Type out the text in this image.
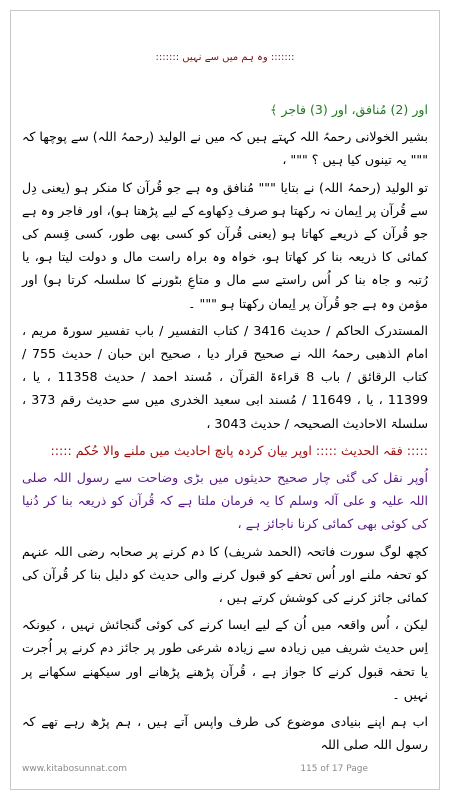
::::::: وہ ہم میں سے نہیں :::::::

اور (2) مُنافق، اور (3) فاجر ﴾

بشیر الخولانی رحمہُ اللہ کہتے ہیں کہ میں نے الولید (رحمہُ اللہ) سے پوچھا کہ """ یہ تینوں کیا ہیں ؟ """ ،

تو الولید (رحمہُ اللہ) نے بتایا """ مُنافق وہ ہے جو قُرآن کا منکر ہو (یعنی دِل سے قُرآن پر اِیمان نہ رکھتا ہو صرف دِکھاوے کے لیے پڑھتا ہو)، اور فاجر وہ ہے جو قُرآن کے ذریعے کھاتا ہو (یعنی قُرآن کو کسی بھی طور، کسی قِسم کی کمائی کا ذریعہ بنا کر کھاتا ہو، خواہ وہ براہ راست مال و دولت لیتا ہو، یا رُتبہ و جاہ بنا کر اُس راستے سے مال و متاعِ بٹورنے کا سلسلہ کرتا ہو) اور مؤمن وہ ہے جو قُرآن پر اِیمان رکھتا ہو """ ۔

المستدرک الحاکم / حدیث 3416 / کتاب التفسیر / باب تفسیر سورۃ مریم ، امام الذھبی رحمہُ اللہ نے صحیح قرار دیا ، صحیح ابن حبان / حدیث 755 / کتاب الرقائق / باب 8 قراءۃ القرآن ، مُسند احمد / حدیث 11358 ، یا ، 11399 ، یا ، 11649 / مُسند ابی سعید الخدری میں سے حدیث رقم 373 ، سلسلۃ الاحادیث الصحیحہ / حدیث 3043 ،

::::: فقہ الحدیث ::::: اوپر بیان کردہ پانچ احادیث میں ملنے والا حُکم :::::

اُوپر نقل کی گئی چار صحیح حدیثوں میں بڑی وضاحت سے رسول اللہ صلی اللہ علیہ و علی آلہ وسلم کا یہ فرمان ملتا ہے کہ قُرآن کو ذریعہ بنا کر دُنیا کی کوئی بھی کمائی کرنا ناجائز ہے ،

کچھ لوگ سورت فاتحہ (الحمد شریف) کا دم کرنے پر صحابہ رضی اللہ عنہم کو تحفہ ملنے اور اُس تحفے کو قبول کرنے والی حدیث کو دلیل بنا کر قُرآن کی کمائی جائز کرنے کی کوشش کرتے ہیں ،

لیکن ، اُس واقعہ میں اُن کے لیے ایسا کرنے کی کوئی گنجائش نہیں ، کیونکہ اِس حدیث شریف میں زیادہ سے زیادہ شرعی طور پر جائز دم کرنے پر اُجرت یا تحفہ قبول کرنے کا جواز ہے ، قُرآن پڑھنے پڑھانے اور سیکھنے سکھانے پر نہیں ۔

اب ہم اپنے بنیادی موضوع کی طرف واپس آتے ہیں ، ہم پڑھ رہے تھے کہ رسول اللہ صلی اللہ

www.kitabosunnat.com	115 of 17 Page
